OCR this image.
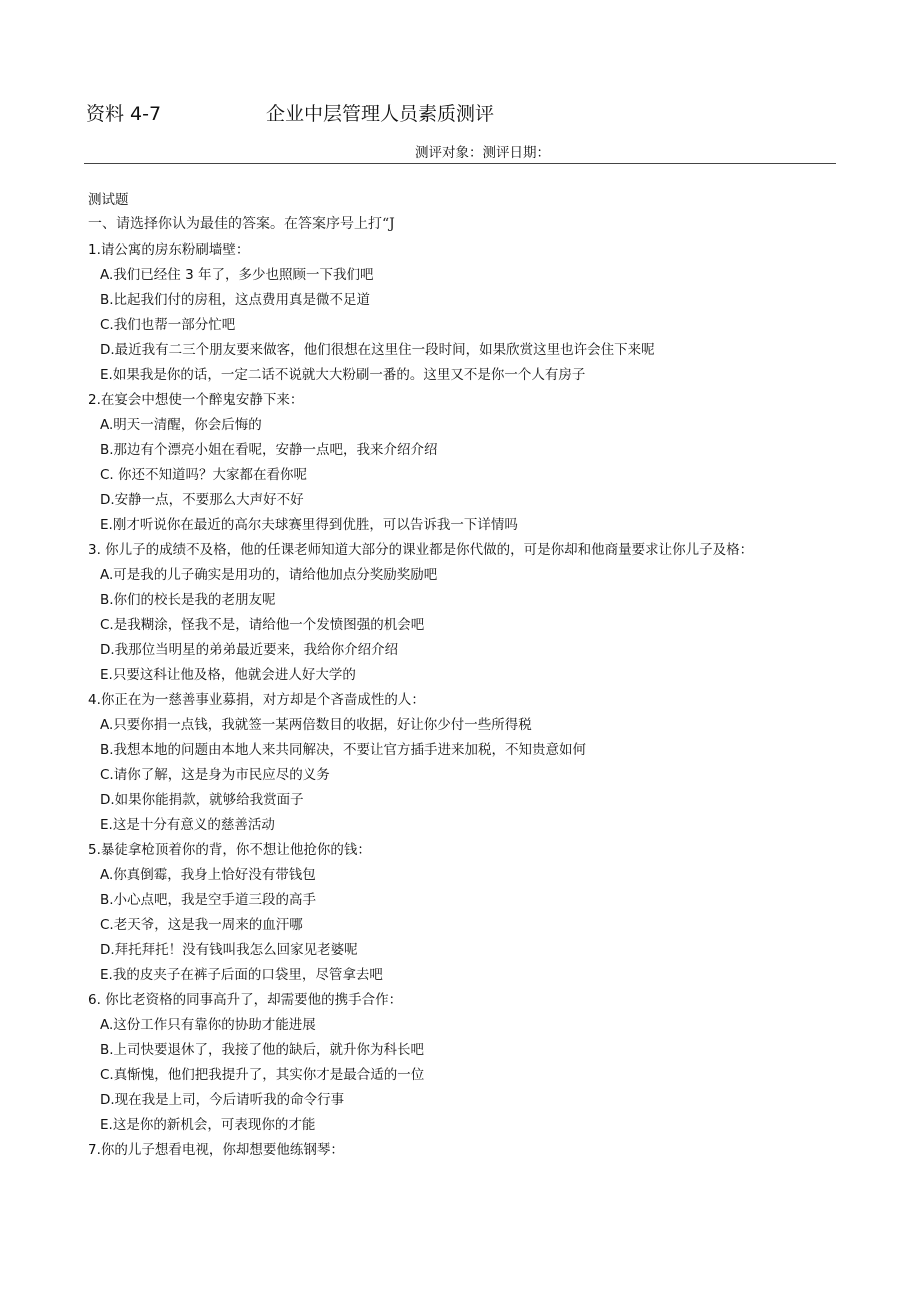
资料 4-7	企业中层管理人员素质测评
测评对象：测评日期：
测试题
一、请选择你认为最佳的答案。在答案序号上打“J
1.请公寓的房东粉刷墙壁：
A.我们已经住 3 年了，多少也照顾一下我们吧
B.比起我们付的房租，这点费用真是微不足道
C.我们也帮一部分忙吧
D.最近我有二三个朋友要来做客，他们很想在这里住一段时间，如果欣赏这里也许会住下来呢
E.如果我是你的话，一定二话不说就大大粉刷一番的。这里又不是你一个人有房子
2.在宴会中想使一个醉鬼安静下来：
A.明天一清醒，你会后悔的
B.那边有个漂亮小姐在看呢，安静一点吧，我来介绍介绍
C. 你还不知道吗？大家都在看你呢
D.安静一点，不要那么大声好不好
E.刚才听说你在最近的高尔夫球赛里得到优胜，可以告诉我一下详情吗
3. 你儿子的成绩不及格，他的任课老师知道大部分的课业都是你代做的，可是你却和他商量要求让你儿子及格：
A.可是我的儿子确实是用功的，请给他加点分奖励奖励吧
B.你们的校长是我的老朋友呢
C.是我糊涂，怪我不是，请给他一个发愤图强的机会吧
D.我那位当明星的弟弟最近要来，我给你介绍介绍
E.只要这科让他及格，他就会进人好大学的
4.你正在为一慈善事业募捐，对方却是个吝啬成性的人：
A.只要你捐一点钱，我就签一某两倍数目的收据，好让你少付一些所得税
B.我想本地的问题由本地人来共同解决，不要让官方插手进来加税，不知贵意如何
C.请你了解，这是身为市民应尽的义务
D.如果你能捐款，就够给我赏面子
E.这是十分有意义的慈善活动
5.暴徒拿枪顶着你的背，你不想让他抢你的钱：
A.你真倒霉，我身上恰好没有带钱包
B.小心点吧，我是空手道三段的高手
C.老天爷，这是我一周来的血汗哪
D.拜托拜托！没有钱叫我怎么回家见老婆呢
E.我的皮夹子在裤子后面的口袋里，尽管拿去吧
6. 你比老资格的同事高升了，却需要他的携手合作：
A.这份工作只有靠你的协助才能进展
B.上司快要退休了，我接了他的缺后，就升你为科长吧
C.真惭愧，他们把我提升了，其实你才是最合适的一位
D.现在我是上司，今后请听我的命令行事
E.这是你的新机会，可表现你的才能
7.你的儿子想看电视，你却想要他练钢琴：
